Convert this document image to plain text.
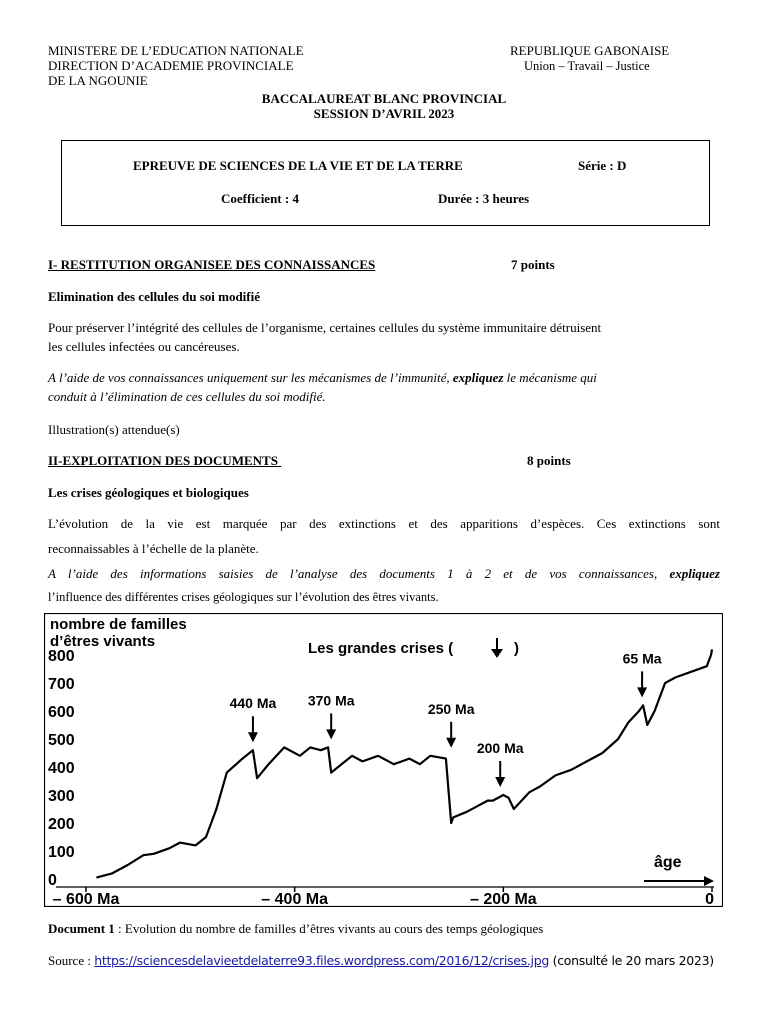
MINISTERE DE L’EDUCATION NATIONALE
DIRECTION D’ACADEMIE PROVINCIALE
DE LA NGOUNIE
REPUBLIQUE GABONAISE
Union – Travail – Justice
BACCALAUREAT BLANC PROVINCIAL
SESSION D’AVRIL 2023
EPREUVE DE SCIENCES DE LA VIE ET DE LA TERRE	Série : D
Coefficient : 4	Durée : 3 heures
I- RESTITUTION ORGANISEE DES CONNAISSANCES	7 points
Elimination des cellules du soi modifié
Pour préserver l’intégrité des cellules de l’organisme, certaines cellules du système immunitaire détruisent
les cellules infectées ou cancéreuses.
A l’aide de vos connaissances uniquement sur les mécanismes de l’immunité, expliquez le mécanisme qui
conduit à l’élimination de ces cellules du soi modifié.
Illustration(s) attendue(s)
II-EXPLOITATION DES DOCUMENTS	8 points
Les crises géologiques et biologiques
L’évolution de la vie est marquée par des extinctions et des apparitions d’espèces. Ces extinctions sont
reconnaissables à l’échelle de la planète.
A l’aide des informations saisies de l’analyse des documents 1 à 2 et de vos connaissances, expliquez
l’influence des différentes crises géologiques sur l’évolution des êtres vivants.
nombre de familles
d’êtres vivants	Les grandes crises (	)
800
700
600
500
400
300
200
100
0
– 600 Ma	– 400 Ma	– 200 Ma	0
440 Ma 370 Ma
250 Ma
200 Ma
65 Ma
âge
Document 1 : Evolution du nombre de familles d’êtres vivants au cours des temps géologiques
Source : https://sciencesdelavieetdelaterre93.files.wordpress.com/2016/12/crises.jpg (consulté le 20 mars 2023)
